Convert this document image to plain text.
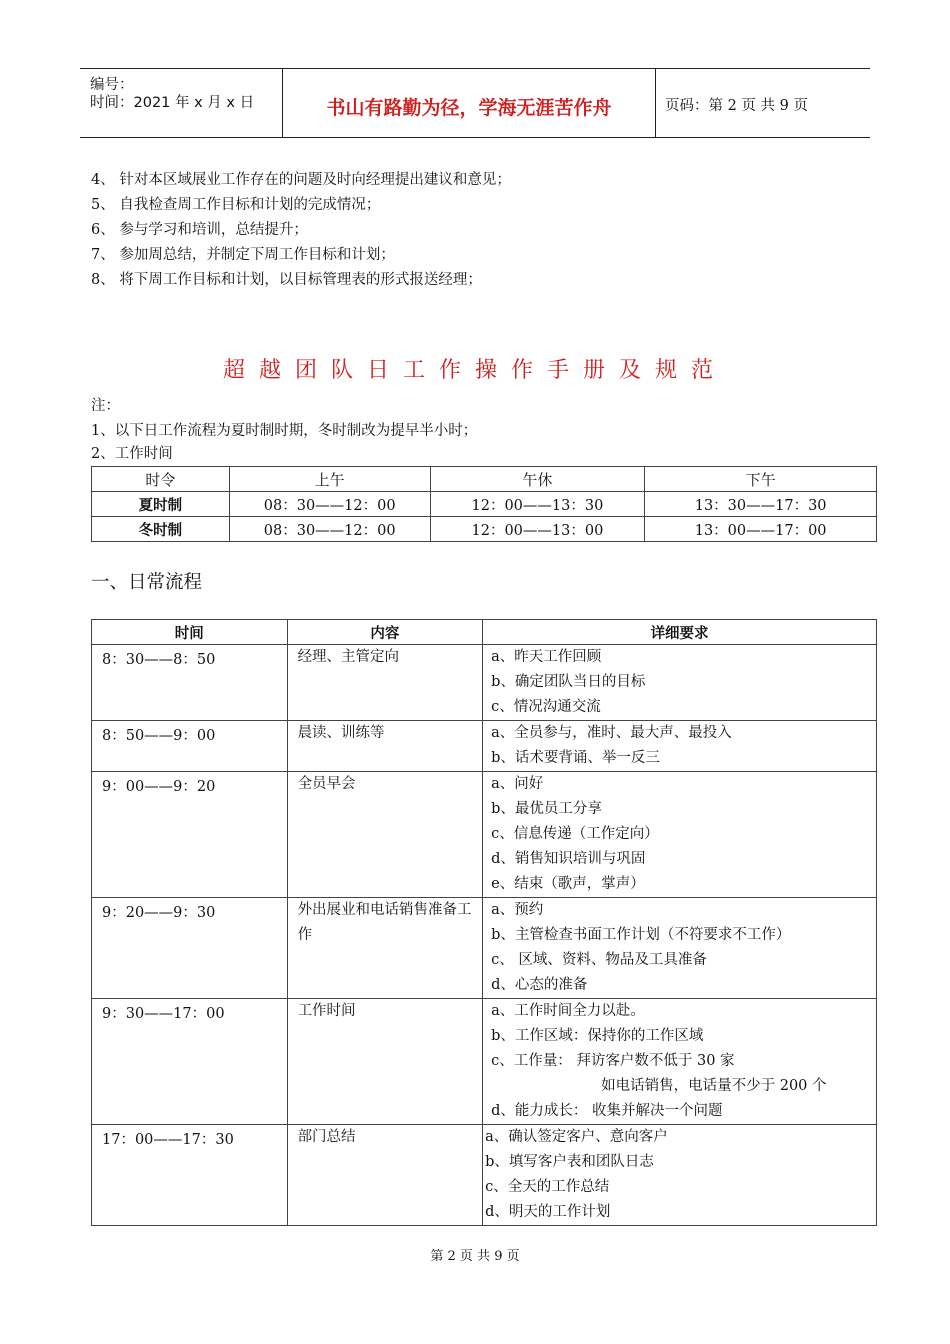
编号：
时间：2021 年 x 月 x 日	书山有路勤为径，学海无涯苦作舟	页码：第 2 页 共 9 页
4、 针对本区域展业工作存在的问题及时向经理提出建议和意见；
5、 自我检查周工作目标和计划的完成情况；
6、 参与学习和培训，总结提升；
7、 参加周总结，并制定下周工作目标和计划；
8、 将下周工作目标和计划，以目标管理表的形式报送经理；
超越团队日工作操作手册及规范
注：
1、以下日工作流程为夏时制时期，冬时制改为提早半小时；
2、工作时间
时令	上午	午休	下午
夏时制	08：30——12：00	12：00——13：30	13：30——17：30
冬时制	08：30——12：00	12：00——13：00	13：00——17：00
一、日常流程
时间	内容	详细要求
8：30——8：50	经理、主管定向	a、昨天工作回顾
b、确定团队当日的目标
c、情况沟通交流

8：50——9：00	晨读、训练等	a、全员参与，准时、最大声、最投入
b、话术要背诵、举一反三

9：00——9：20	全员早会	a、问好
b、最优员工分享
c、信息传递（工作定向）
d、销售知识培训与巩固
e、结束（歌声，掌声）

9：20——9：30	外出展业和电话销售准备工作	a、预约
b、主管检查书面工作计划（不符要求不工作）
c、 区域、资料、物品及工具准备
d、心态的准备

9：30——17：00	工作时间	a、工作时间全力以赴。
b、工作区域：保持你的工作区域
c、工作量： 拜访客户数不低于 30 家
如电话销售，电话量不少于 200 个
d、能力成长： 收集并解决一个问题

17：00——17：30	部门总结	a、确认签定客户、意向客户
b、填写客户表和团队日志
c、全天的工作总结
d、明天的工作计划
第 2 页 共 9 页
